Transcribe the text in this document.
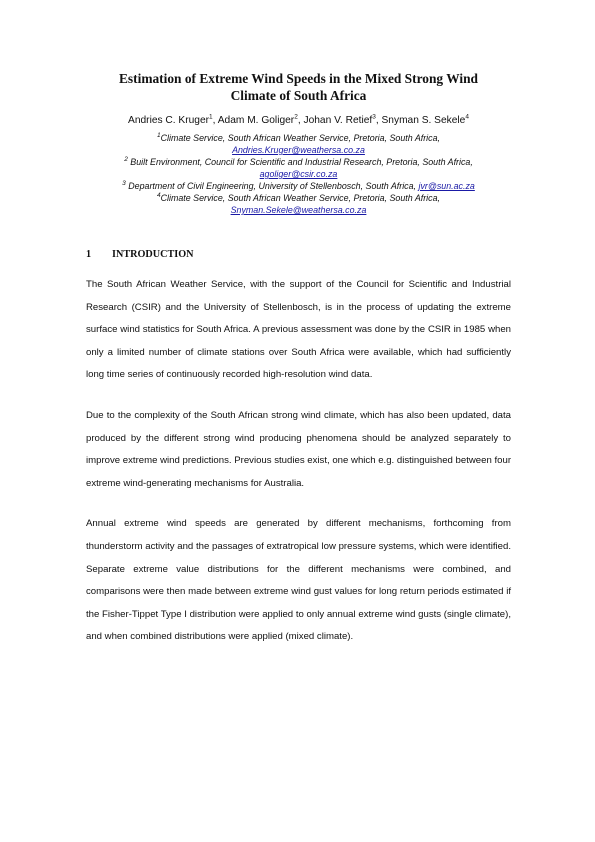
Estimation of Extreme Wind Speeds in the Mixed Strong Wind
Climate of South Africa
Andries C. Kruger$^1$, Adam M. Goliger$^2$, Johan V. Retief$^3$, Snyman S. Sekele$^4$
$^1$Climate Service, South African Weather Service, Pretoria, South Africa,
Andries.Kruger@weathersa.co.za
$^2$ Built Environment, Council for Scientific and Industrial Research, Pretoria, South Africa,
agoliger@csir.co.za
$^3$ Department of Civil Engineering, University of Stellenbosch, South Africa, jvr@sun.ac.za
$^4$Climate Service, South African Weather Service, Pretoria, South Africa,
Snyman.Sekele@weathersa.co.za
1 INTRODUCTION

The South African Weather Service, with the support of the Council for Scientific and Industrial Research (CSIR) and the University of Stellenbosch, is in the process of updating the extreme surface wind statistics for South Africa. A previous assessment was done by the CSIR in 1985 when only a limited number of climate stations over South Africa were available, which had sufficiently long time series of continuously recorded high-resolution wind data.

Due to the complexity of the South African strong wind climate, which has also been updated, data produced by the different strong wind producing phenomena should be analyzed separately to improve extreme wind predictions. Previous studies exist, one which e.g. distinguished between four extreme wind-generating mechanisms for Australia.

Annual extreme wind speeds are generated by different mechanisms, forthcoming from thunderstorm activity and the passages of extratropical low pressure systems, which were identified. Separate extreme value distributions for the different mechanisms were combined, and comparisons were then made between extreme wind gust values for long return periods estimated if the Fisher-Tippet Type I distribution were applied to only annual extreme wind gusts (single climate), and when combined distributions were applied (mixed climate).
